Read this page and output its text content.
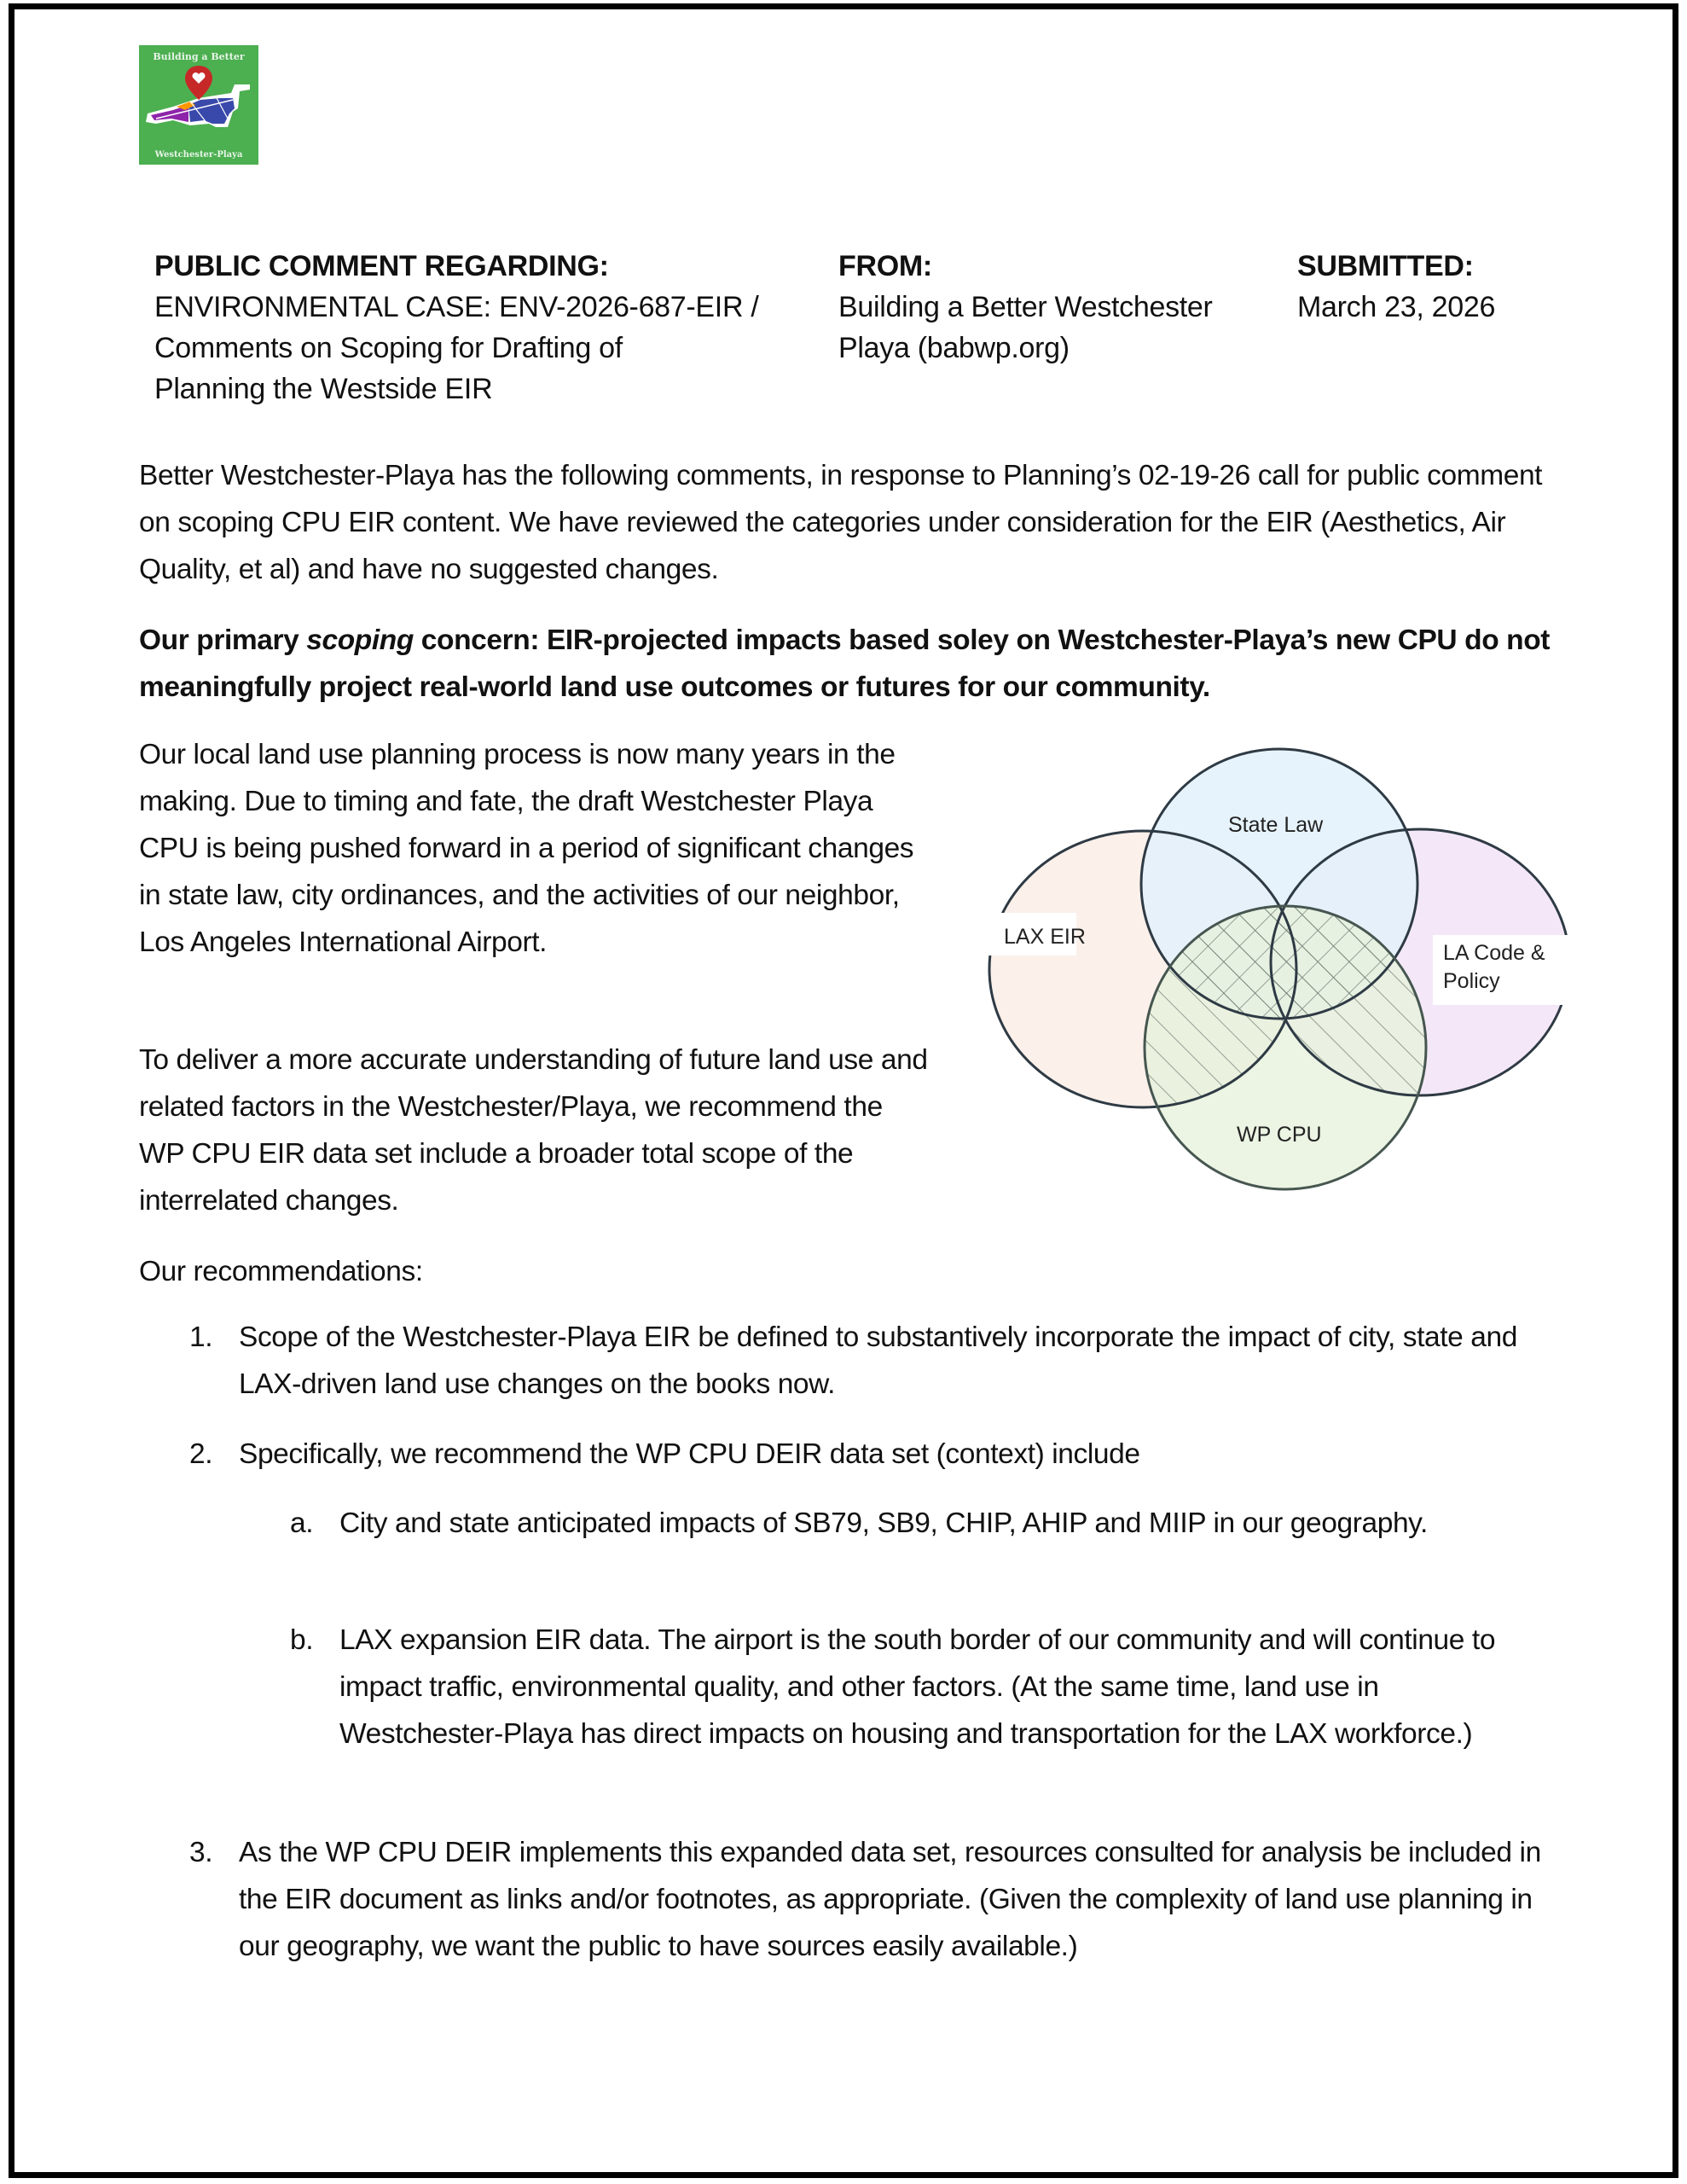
Building a Better
Westchester-Playa
PUBLIC COMMENT REGARDING:
ENVIRONMENTAL CASE: ENV-2026-687-EIR /
Comments on Scoping for Drafting of
Planning the Westside EIR
FROM:
Building a Better Westchester
Playa (babwp.org)
SUBMITTED:
March 23, 2026
Better Westchester-Playa has the following comments, in response to Planning’s 02-19-26 call for public comment on scoping CPU EIR content. We have reviewed the categories under consideration for the EIR (Aesthetics, Air Quality, et al) and have no suggested changes.
Our primary scoping concern: EIR-projected impacts based soley on Westchester-Playa’s new CPU do not meaningfully project real-world land use outcomes or futures for our community.
Our local land use planning process is now many years in the making. Due to timing and fate, the draft Westchester Playa CPU is being pushed forward in a period of significant changes in state law, city ordinances, and the activities of our neighbor, Los Angeles International Airport.
To deliver a more accurate understanding of future land use and related factors in the Westchester/Playa, we recommend the WP CPU EIR data set include a broader total scope of the interrelated changes.
Our recommendations:
1. Scope of the Westchester-Playa EIR be defined to substantively incorporate the impact of city, state and LAX-driven land use changes on the books now.
2. Specifically, we recommend the WP CPU DEIR data set (context) include
a. City and state anticipated impacts of SB79, SB9, CHIP, AHIP and MIIP in our geography.
b. LAX expansion EIR data. The airport is the south border of our community and will continue to impact traffic, environmental quality, and other factors. (At the same time, land use in Westchester-Playa has direct impacts on housing and transportation for the LAX workforce.)
3. As the WP CPU DEIR implements this expanded data set, resources consulted for analysis be included in the EIR document as links and/or footnotes, as appropriate. (Given the complexity of land use planning in our geography, we want the public to have sources easily available.)
State Law
LAX EIR
LA Code &
Policy
WP CPU
